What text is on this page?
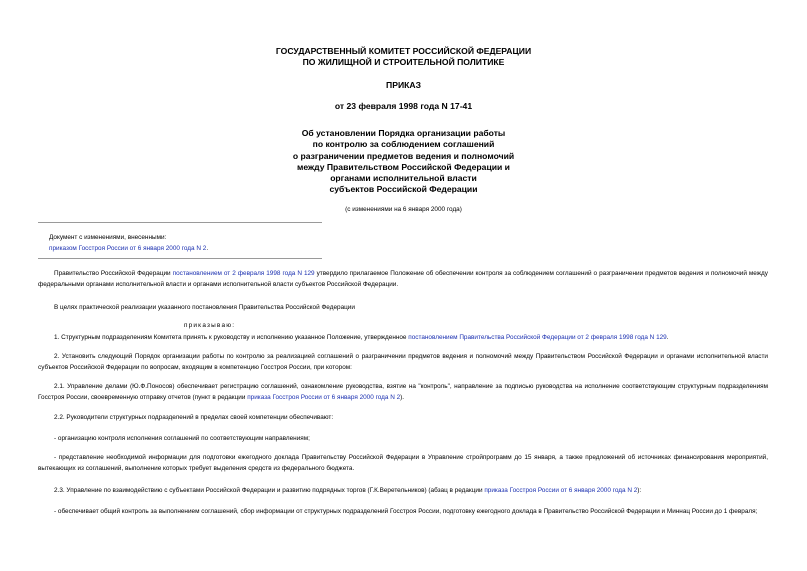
ГОСУДАРСТВЕННЫЙ КОМИТЕТ РОССИЙСКОЙ ФЕДЕРАЦИИ
ПО ЖИЛИЩНОЙ И СТРОИТЕЛЬНОЙ ПОЛИТИКЕ
ПРИКАЗ
от 23 февраля 1998 года N 17-41
Об установлении Порядка организации работы
по контролю за соблюдением соглашений
о разграничении предметов ведения и полномочий
между Правительством Российской Федерации и
органами исполнительной власти
субъектов Российской Федерации
(с изменениями на 6 января 2000 года)
Документ с изменениями, внесенными:
приказом Госстроя России от 6 января 2000 года N 2.
Правительство Российской Федерации постановлением от 2 февраля 1998 года N 129 утвердило прилагаемое Положение об обеспечении контроля за соблюдением соглашений о разграничении предметов ведения и полномочий между федеральными органами исполнительной власти и органами исполнительной власти субъектов Российской Федерации.
В целях практической реализации указанного постановления Правительства Российской Федерации
приказываю:
1. Структурным подразделениям Комитета принять к руководству и исполнению указанное Положение, утвержденное постановлением Правительства Российской Федерации от 2 февраля 1998 года N 129.
2. Установить следующий Порядок организации работы по контролю за реализацией соглашений о разграничении предметов ведения и полномочий между Правительством Российской Федерации и органами исполнительной власти субъектов Российской Федерации по вопросам, входящим в компетенцию Госстроя России, при котором:
2.1. Управление делами (Ю.Ф.Поносов) обеспечивает регистрацию соглашений, ознакомление руководства, взятие на "контроль", направление за подписью руководства на исполнение соответствующим структурным подразделениям Госстроя России, своевременную отправку отчетов (пункт в редакции приказа Госстроя России от 6 января 2000 года N 2).
2.2. Руководители структурных подразделений в пределах своей компетенции обеспечивают:
- организацию контроля исполнения соглашений по соответствующим направлениям;
- представление необходимой информации для подготовки ежегодного доклада Правительству Российской Федерации в Управление стройпрограмм до 15 января, а также предложений об источниках финансирования мероприятий, вытекающих из соглашений, выполнение которых требует выделения средств из федерального бюджета.
2.3. Управление по взаимодействию с субъектами Российской Федерации и развитию подрядных торгов (Г.К.Веретельников) (абзац в редакции приказа Госстроя России от 6 января 2000 года N 2):
- обеспечивает общий контроль за выполнением соглашений, сбор информации от структурных подразделений Госстроя России, подготовку ежегодного доклада в Правительство Российской Федерации и Миннац России до 1 февраля;
